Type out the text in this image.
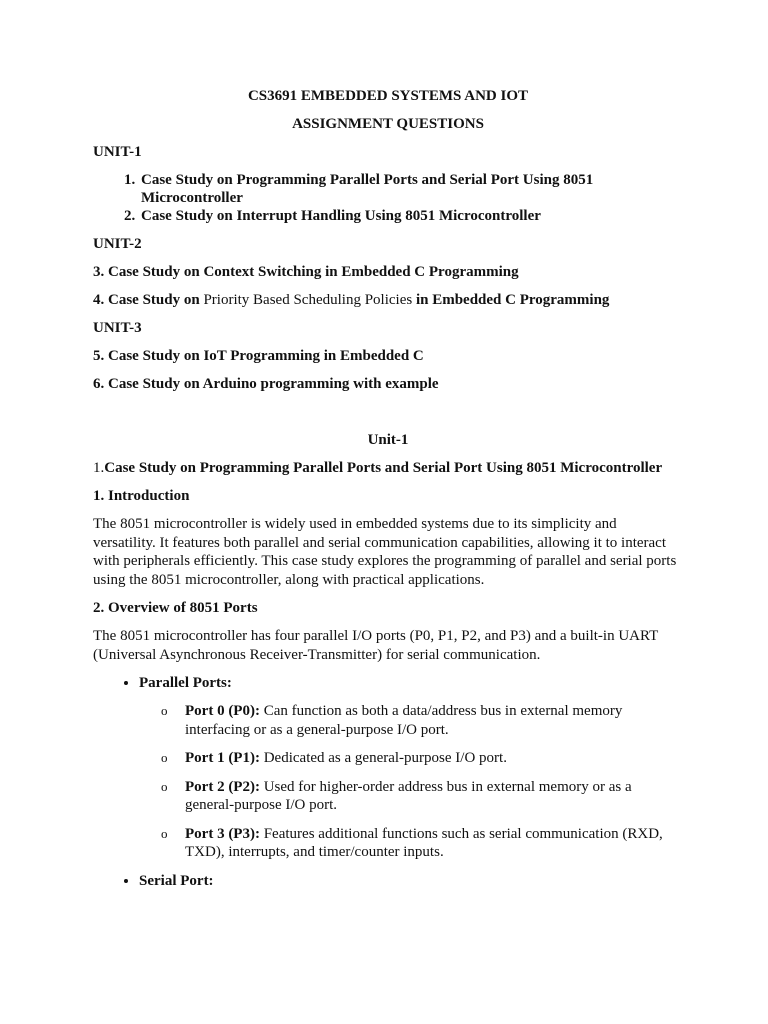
CS3691 EMBEDDED SYSTEMS AND IOT

ASSIGNMENT QUESTIONS

UNIT-1

1. Case Study on Programming Parallel Ports and Serial Port Using 8051 Microcontroller
2. Case Study on Interrupt Handling Using 8051 Microcontroller

UNIT-2

3. Case Study on Context Switching in Embedded C Programming

4. Case Study on Priority Based Scheduling Policies in Embedded C Programming

UNIT-3

5. Case Study on IoT Programming in Embedded C

6. Case Study on Arduino programming with example

Unit-1

1.Case Study on Programming Parallel Ports and Serial Port Using 8051 Microcontroller

1. Introduction

The 8051 microcontroller is widely used in embedded systems due to its simplicity and versatility. It features both parallel and serial communication capabilities, allowing it to interact with peripherals efficiently. This case study explores the programming of parallel and serial ports using the 8051 microcontroller, along with practical applications.

2. Overview of 8051 Ports

The 8051 microcontroller has four parallel I/O ports (P0, P1, P2, and P3) and a built-in UART (Universal Asynchronous Receiver-Transmitter) for serial communication.

• Parallel Ports:
o Port 0 (P0): Can function as both a data/address bus in external memory interfacing or as a general-purpose I/O port.
o Port 1 (P1): Dedicated as a general-purpose I/O port.
o Port 2 (P2): Used for higher-order address bus in external memory or as a general-purpose I/O port.
o Port 3 (P3): Features additional functions such as serial communication (RXD, TXD), interrupts, and timer/counter inputs.
• Serial Port:
